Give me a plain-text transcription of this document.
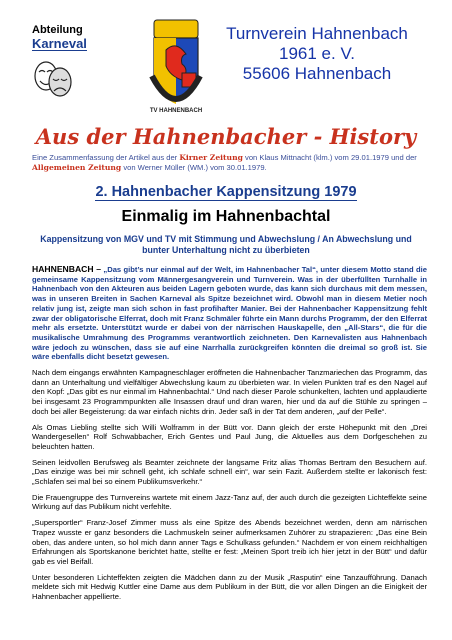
Abteilung
Karneval
TV HAHNENBACH
Turnverein Hahnenbach
1961 e. V.
55606 Hahnenbach
Aus der Hahnenbacher - History
Eine Zusammenfassung der Artikel aus der Kirner Zeitung von Klaus Mittnacht (klm.) vom 29.01.1979 und der Allgemeinen Zeitung von Werner Müller (WM.) vom 30.01.1979.
2. Hahnenbacher Kappensitzung 1979
Einmalig im Hahnenbachtal
Kappensitzung von MGV und TV mit Stimmung und Abwechslung / An Abwechslung und bunter Unterhaltung nicht zu überbieten

HAHNENBACH – „Das gibt’s nur einmal auf der Welt, im Hahnenbacher Tal“, unter diesem Motto stand die gemeinsame Kappensitzung vom Männergesangverein und Turnverein. Was in der überfüllten Turnhalle in Hahnenbach von den Akteuren aus beiden Lagern geboten wurde, das kann sich durchaus mit dem messen, was in unseren Breiten in Sachen Karneval als Spitze bezeichnet wird. Obwohl man in diesem Metier noch relativ jung ist, zeigte man sich schon in fast profihafter Manier. Bei der Hahnenbacher Kappensitzung fehlt zwar der obligatorische Elferrat, doch mit Franz Schmäler führte ein Mann durchs Programm, der den Elferrat mehr als ersetzte. Unterstützt wurde er dabei von der närrischen Hauskapelle, den „All-Stars“, die für die musikalische Umrahmung des Programms verantwortlich zeichneten. Den Karnevalisten aus Hahnenbach wäre jedoch zu wünschen, dass sie auf eine Narrhalla zurückgreifen könnten die dreimal so groß ist. Sie wäre ebenfalls dicht besetzt gewesen.

Nach dem eingangs erwähnten Kampagneschlager eröffneten die Hahnenbacher Tanzmariechen das Programm, das dann an Unterhaltung und vielfältiger Abwechslung kaum zu überbieten war. In vielen Punkten traf es den Nagel auf den Kopf: „Das gibt es nur einmal im Hahnenbachtal.“ Und nach dieser Parole schunkelten, lachten und applaudierte bei insgesamt 23 Programmpunkten alle Insassen drauf und dran waren, hier und da auf die Stühle zu springen – doch bei aller Begeisterung: da war einfach nichts drin. Jeder saß in der Tat dem anderen, „auf der Pelle“.

Als Omas Liebling stellte sich Willi Wolframm in der Bütt vor. Dann gleich der erste Höhepunkt mit den „Drei Wandergesellen“ Rolf Schwabbacher, Erich Gentes und Paul Jung, die Aktuelles aus dem Dorfgeschehen zu beleuchten hatten.

Seinen leidvollen Berufsweg als Beamter zeichnete der langsame Fritz alias Thomas Bertram den Besuchern auf. „Das einzige was bei mir schnell geht, ich schlafe schnell ein“, war sein Fazit. Außerdem stellte er lakonisch fest: „Schlafen sei mal bei so einem Publikumsverkehr.“

Die Frauengruppe des Turnvereins wartete mit einem Jazz-Tanz auf, der auch durch die gezeigten Lichteffekte seine Wirkung auf das Publikum nicht verfehlte.

„Supersportler“ Franz-Josef Zimmer muss als eine Spitze des Abends bezeichnet werden, denn am närrischen Trapez wusste er ganz besonders die Lachmuskeln seiner aufmerksamen Zuhörer zu strapazieren: „Das eine Bein oben, das andere unten, so hol mich dann anner Tags e Schulkass gefunden.“ Nachdem er von einem reichhaltigen Erfahrungen als Sportskanone berichtet hatte, stellte er fest: „Meinen Sport treib ich hier jetzt in der Bütt“ und dafür gab es viel Beifall.

Unter besonderen Lichteffekten zeigten die Mädchen dann zu der Musik „Rasputin“ eine Tanzaufführung. Danach meldete sich mit Hedwig Kuttler eine Dame aus dem Publikum in der Bütt, die vor allen Dingen an die Einigkeit der Hahnenbacher appellierte.
